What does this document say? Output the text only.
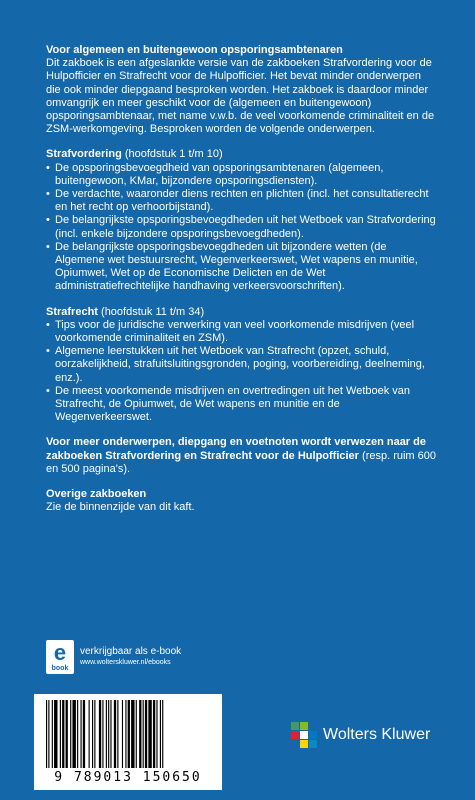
Voor algemeen en buitengewoon opsporingsambtenaren

Dit zakboek is een afgeslankte versie van de zakboeken Strafvordering voor de Hulpofficier en Strafrecht voor de Hulpofficier. Het bevat minder onderwerpen die ook minder diepgaand besproken worden. Het zakboek is daardoor minder omvangrijk en meer geschikt voor de (algemeen en buitengewoon) opsporingsambtenaar, met name v.w.b. de veel voorkomende criminaliteit en de ZSM-werkomgeving. Besproken worden de volgende onderwerpen.

Strafvordering (hoofdstuk 1 t/m 10)

• De opsporingsbevoegdheid van opsporingsambtenaren (algemeen, buitengewoon, KMar, bijzondere opsporingsdiensten).
• De verdachte, waaronder diens rechten en plichten (incl. het consultatierecht en het recht op verhoorbijstand).
• De belangrijkste opsporingsbevoegdheden uit het Wetboek van Strafvordering (incl. enkele bijzondere opsporingsbevoegdheden).
• De belangrijkste opsporingsbevoegdheden uit bijzondere wetten (de Algemene wet bestuursrecht, Wegenverkeerswet, Wet wapens en munitie, Opiumwet, Wet op de Economische Delicten en de Wet administratiefrechtelijke handhaving verkeersvoorschriften).

Strafrecht (hoofdstuk 11 t/m 34)

• Tips voor de juridische verwerking van veel voorkomende misdrijven (veel voorkomende criminaliteit en ZSM).
• Algemene leerstukken uit het Wetboek van Strafrecht (opzet, schuld, oorzakelijkheid, strafuitsluitingsgronden, poging, voorbereiding, deelneming, enz.).
• De meest voorkomende misdrijven en overtredingen uit het Wetboek van Strafrecht, de Opiumwet, de Wet wapens en munitie en de Wegenverkeerswet.

Voor meer onderwerpen, diepgang en voetnoten wordt verwezen naar de zakboeken Strafvordering en Strafrecht voor de Hulpofficier (resp. ruim 600 en 500 pagina's).

Overige zakboeken

Zie de binnenzijde van dit kaft.

e
book
verkrijgbaar als e-book
www.wolterskluwer.nl/ebooks
9 789013 150650
Wolters Kluwer
